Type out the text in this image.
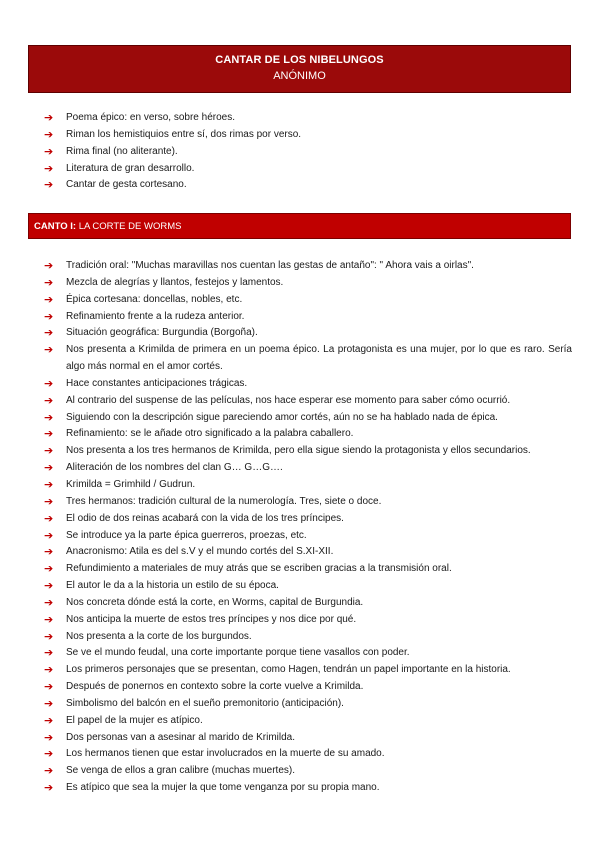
CANTAR DE LOS NIBELUNGOS
ANÓNIMO
➔ Poema épico: en verso, sobre héroes.
➔ Riman los hemistiquios entre sí, dos rimas por verso.
➔ Rima final (no aliterante).
➔ Literatura de gran desarrollo.
➔ Cantar de gesta cortesano.
CANTO I: LA CORTE DE WORMS
➔ Tradición oral: "Muchas maravillas nos cuentan las gestas de antaño": " Ahora vais a oirlas".
➔ Mezcla de alegrías y llantos, festejos y lamentos.
➔ Épica cortesana: doncellas, nobles, etc.
➔ Refinamiento frente a la rudeza anterior.
➔ Situación geográfica: Burgundia (Borgoña).
➔ Nos presenta a Krimilda de primera en un poema épico. La protagonista es una mujer, por lo que es raro. Sería algo más normal en el amor cortés.
➔ Hace constantes anticipaciones trágicas.
➔ Al contrario del suspense de las películas, nos hace esperar ese momento para saber cómo ocurrió.
➔ Siguiendo con la descripción sigue pareciendo amor cortés, aún no se ha hablado nada de épica.
➔ Refinamiento: se le añade otro significado a la palabra caballero.
➔ Nos presenta a los tres hermanos de Krimilda, pero ella sigue siendo la protagonista y ellos secundarios.
➔ Aliteración de los nombres del clan G… G…G….
➔ Krimilda = Grimhild / Gudrun.
➔ Tres hermanos: tradición cultural de la numerología. Tres, siete o doce.
➔ El odio de dos reinas acabará con la vida de los tres príncipes.
➔ Se introduce ya la parte épica guerreros, proezas, etc.
➔ Anacronismo: Atila es del s.V y el mundo cortés del S.XI-XII.
➔ Refundimiento a materiales de muy atrás que se escriben gracias a la transmisión oral.
➔ El autor le da a la historia un estilo de su época.
➔ Nos concreta dónde está la corte, en Worms, capital de Burgundia.
➔ Nos anticipa la muerte de estos tres príncipes y nos dice por qué.
➔ Nos presenta a la corte de los burgundos.
➔ Se ve el mundo feudal, una corte importante porque tiene vasallos con poder.
➔ Los primeros personajes que se presentan, como Hagen, tendrán un papel importante en la historia.
➔ Después de ponernos en contexto sobre la corte vuelve a Krimilda.
➔ Simbolismo del balcón en el sueño premonitorio (anticipación).
➔ El papel de la mujer es atípico.
➔ Dos personas van a asesinar al marido de Krimilda.
➔ Los hermanos tienen que estar involucrados en la muerte de su amado.
➔ Se venga de ellos a gran calibre (muchas muertes).
➔ Es atípico que sea la mujer la que tome venganza por su propia mano.
